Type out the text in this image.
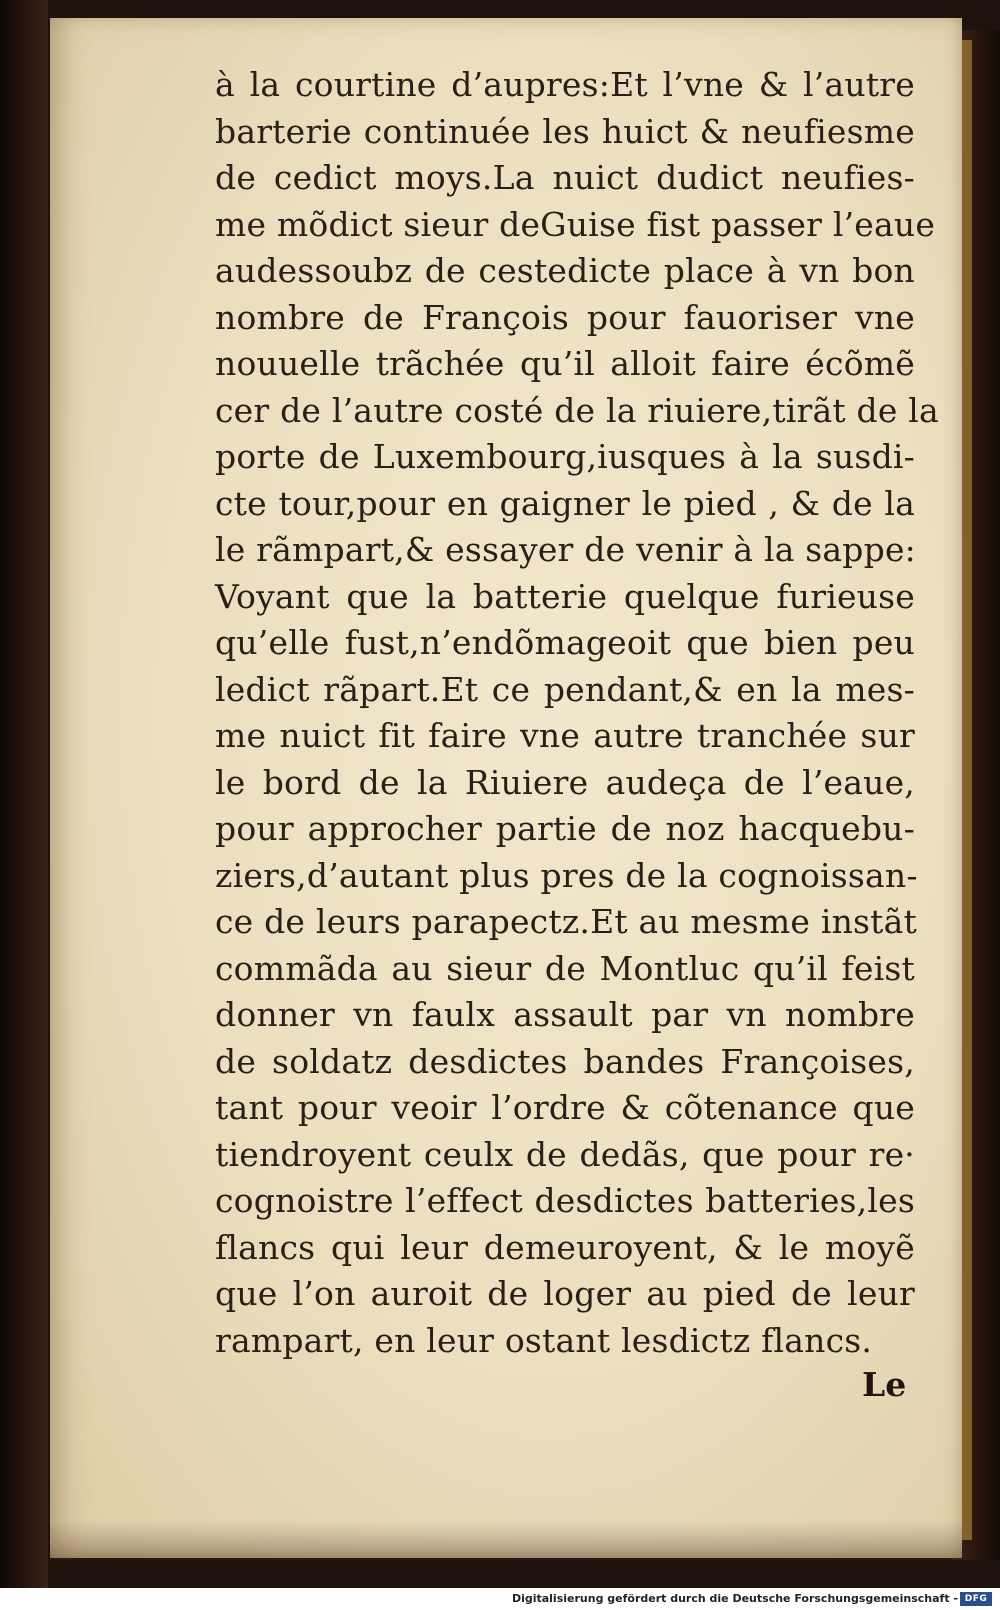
à la courtine d’aupres:Et l’vne & l’autre
barterie continuée les huict & neufiesme
de cedict moys.La nuict dudict neufies-
me mõdict sieur deGuise fist passer l’eaue
audessoubz de cestedicte place à vn bon
nombre de François pour fauoriser vne
nouuelle trãchée qu’il alloit faire écõmẽ
cer de l’autre costé de la riuiere,tirãt de la
porte de Luxembourg,iusques à la susdi-
cte tour,pour en gaigner le pied , & de la
le rãmpart,& essayer de venir à la sappe:
Voyant que la batterie quelque furieuse
qu’elle fust,n’endõmageoit que bien peu
ledict rãpart.Et ce pendant,& en la mes-
me nuict fit faire vne autre tranchée sur
le bord de la Riuiere audeça de l’eaue,
pour approcher partie de noz hacquebu-
ziers,d’autant plus pres de la cognoissan-
ce de leurs parapectz.Et au mesme instãt
commãda au sieur de Montluc qu’il feist
donner vn faulx assault par vn nombre
de soldatz desdictes bandes Françoises,
tant pour veoir l’ordre & cõtenance que
tiendroyent ceulx de dedãs, que pour re·
cognoistre l’effect desdictes batteries,les
flancs qui leur demeuroyent, & le moyẽ
que l’on auroit de loger au pied de leur
rampart, en leur ostant lesdictz flancs.
Le
Digitalisierung gefördert durch die Deutsche Forschungsgemeinschaft - DFG
